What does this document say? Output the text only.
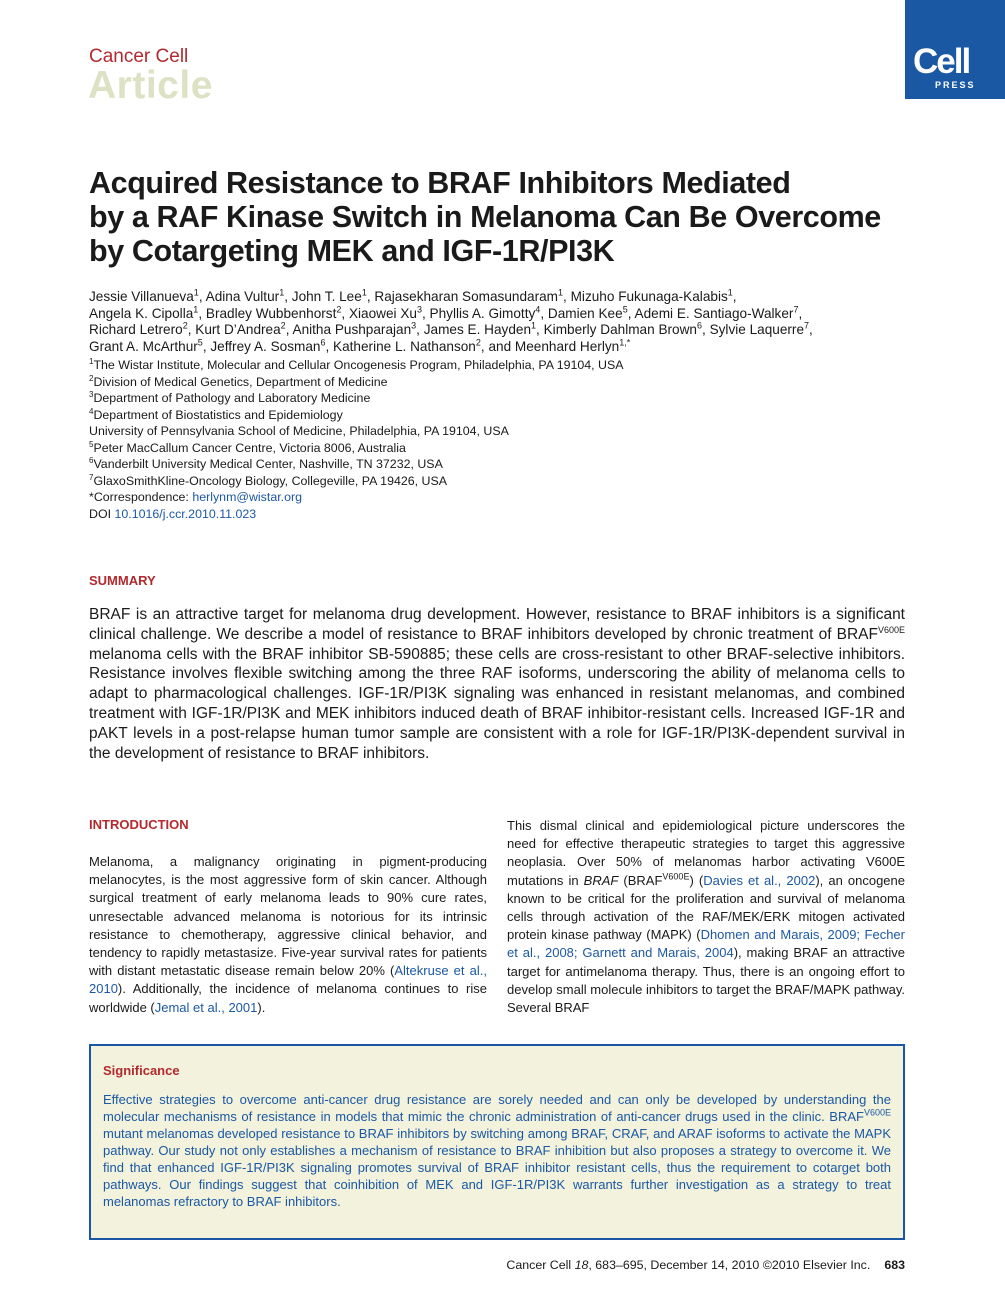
Cancer Cell
Article
Cell
PRESS
Acquired Resistance to BRAF Inhibitors Mediated
by a RAF Kinase Switch in Melanoma Can Be Overcome
by Cotargeting MEK and IGF-1R/PI3K
Jessie Villanueva$^1$, Adina Vultur$^1$, John T. Lee$^1$, Rajasekharan Somasundaram$^1$, Mizuho Fukunaga-Kalabis$^1$,
Angela K. Cipolla$^1$, Bradley Wubbenhorst$^2$, Xiaowei Xu$^3$, Phyllis A. Gimotty$^4$, Damien Kee$^5$, Ademi E. Santiago-Walker$^7$,
Richard Letrero$^2$, Kurt D’Andrea$^2$, Anitha Pushparajan$^3$, James E. Hayden$^1$, Kimberly Dahlman Brown$^6$, Sylvie Laquerre$^7$,
Grant A. McArthur$^5$, Jeffrey A. Sosman$^6$, Katherine L. Nathanson$^2$, and Meenhard Herlyn$^{1,*}$
$^1$The Wistar Institute, Molecular and Cellular Oncogenesis Program, Philadelphia, PA 19104, USA
$^2$Division of Medical Genetics, Department of Medicine
$^3$Department of Pathology and Laboratory Medicine
$^4$Department of Biostatistics and Epidemiology
University of Pennsylvania School of Medicine, Philadelphia, PA 19104, USA
$^5$Peter MacCallum Cancer Centre, Victoria 8006, Australia
$^6$Vanderbilt University Medical Center, Nashville, TN 37232, USA
$^7$GlaxoSmithKline-Oncology Biology, Collegeville, PA 19426, USA
*Correspondence: herlynm@wistar.org
DOI 10.1016/j.ccr.2010.11.023
SUMMARY

BRAF is an attractive target for melanoma drug development. However, resistance to BRAF inhibitors is a significant clinical challenge. We describe a model of resistance to BRAF inhibitors developed by chronic treatment of $BRAF^{V600E}$ melanoma cells with the BRAF inhibitor SB-590885; these cells are cross-resistant to other BRAF-selective inhibitors. Resistance involves flexible switching among the three RAF isoforms, underscoring the ability of melanoma cells to adapt to pharmacological challenges. IGF-1R/PI3K signaling was enhanced in resistant melanomas, and combined treatment with IGF-1R/PI3K and MEK inhibitors induced death of BRAF inhibitor-resistant cells. Increased IGF-1R and pAKT levels in a post-relapse human tumor sample are consistent with a role for IGF-1R/PI3K-dependent survival in the development of resistance to BRAF inhibitors.

INTRODUCTION

Melanoma, a malignancy originating in pigment-producing melanocytes, is the most aggressive form of skin cancer. Although surgical treatment of early melanoma leads to 90% cure rates, unresectable advanced melanoma is notorious for its intrinsic resistance to chemotherapy, aggressive clinical behavior, and tendency to rapidly metastasize. Five-year survival rates for patients with distant metastatic disease remain below 20% (Altekruse et al., 2010). Additionally, the incidence of melanoma continues to rise worldwide (Jemal et al., 2001).

This dismal clinical and epidemiological picture underscores the need for effective therapeutic strategies to target this aggressive neoplasia. Over 50% of melanomas harbor activating V600E mutations in BRAF $(BRAF^{V600E})$ (Davies et al., 2002), an oncogene known to be critical for the proliferation and survival of melanoma cells through activation of the RAF/MEK/ERK mitogen activated protein kinase pathway (MAPK) (Dhomen and Marais, 2009; Fecher et al., 2008; Garnett and Marais, 2004), making BRAF an attractive target for antimelanoma therapy. Thus, there is an ongoing effort to develop small molecule inhibitors to target the BRAF/MAPK pathway. Several BRAF

Significance

Effective strategies to overcome anti-cancer drug resistance are sorely needed and can only be developed by understanding the molecular mechanisms of resistance in models that mimic the chronic administration of anti-cancer drugs used in the clinic. $BRAF^{V600E}$ mutant melanomas developed resistance to BRAF inhibitors by switching among BRAF, CRAF, and ARAF isoforms to activate the MAPK pathway. Our study not only establishes a mechanism of resistance to BRAF inhibition but also proposes a strategy to overcome it. We find that enhanced IGF-1R/PI3K signaling promotes survival of BRAF inhibitor resistant cells, thus the requirement to cotarget both pathways. Our findings suggest that coinhibition of MEK and IGF-1R/PI3K warrants further investigation as a strategy to treat melanomas refractory to BRAF inhibitors.

Cancer Cell 18, 683–695, December 14, 2010 ©2010 Elsevier Inc. 683
